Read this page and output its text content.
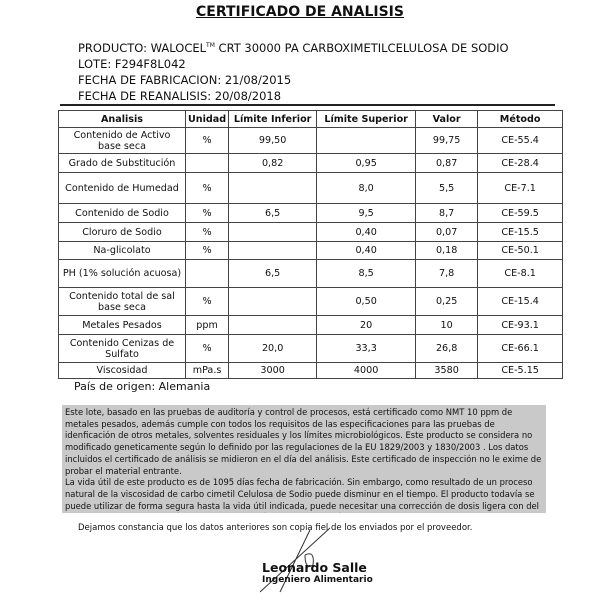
CERTIFICADO DE ANALISIS
PRODUCTO: WALOCEL™ CRT 30000 PA CARBOXIMETILCELULOSA DE SODIO
LOTE: F294F8L042
FECHA DE FABRICACION: 21/08/2015
FECHA DE REANALISIS: 20/08/2018
Analisis	Unidad	Límite Inferior	Límite Superior	Valor	Método
Contenido de Activo base seca	%	99,50		99,75	CE-55.4
Grado de Substitución		0,82	0,95	0,87	CE-28.4
Contenido de Humedad	%		8,0	5,5	CE-7.1
Contenido de Sodio	%	6,5	9,5	8,7	CE-59.5
Cloruro de Sodio	%		0,40	0,07	CE-15.5
Na-glicolato	%		0,40	0,18	CE-50.1
PH (1% solución acuosa)		6,5	8,5	7,8	CE-8.1
Contenido total de sal base seca	%		0,50	0,25	CE-15.4
Metales Pesados	ppm		20	10	CE-93.1
Contenido Cenizas de Sulfato	%	20,0	33,3	26,8	CE-66.1
Viscosidad	mPa.s	3000	4000	3580	CE-5.15
País de origen: Alemania
Este lote, basado en las pruebas de auditoría y control de procesos, está certificado como NMT 10 ppm de metales pesados, además cumple con todos los requisitos de las especificaciones para las pruebas de idenficación de otros metales, solventes residuales y los límites microbiológicos. Este producto se considera no modificado geneticamente según lo definido por las regulaciones de la EU 1829/2003 y 1830/2003 . Los datos incluidos el certificado de análisis se midieron en el día del análisis. Este certificado de inspección no le exime de probar el material entrante.
La vida útil de este producto es de 1095 días fecha de fabricación. Sin embargo, como resultado de un proceso natural de la viscosidad de carbo cimetil Celulosa de Sodio puede disminur en el tiempo. El producto todavía se puede utilizar de forma segura hasta la vida útil indicada, puede necesitar una corrección de dosis ligera con del
Dejamos constancia que los datos anteriores son copia fiel de los enviados por el proveedor.
Leonardo Salle
Ingeniero Alimentario
